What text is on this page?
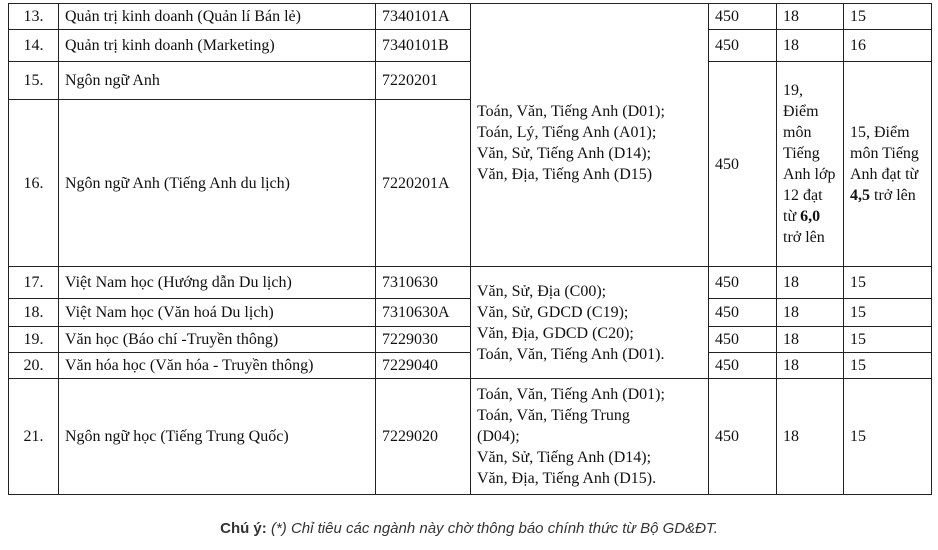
13.	Quản trị kinh doanh (Quản lí Bán lẻ)	7340101A	Toán, Văn, Tiếng Anh (D01);
Toán, Lý, Tiếng Anh (A01);
Văn, Sử, Tiếng Anh (D14);
Văn, Địa, Tiếng Anh (D15)	450	18	15
14.	Quản trị kinh doanh (Marketing)	7340101B		450	18	16
15.	Ngôn ngữ Anh	7220201		450	19, Điểm môn Tiếng Anh lớp 12 đạt từ 6,0 trở lên	15, Điểm môn Tiếng Anh đạt từ 4,5 trở lên
16.	Ngôn ngữ Anh (Tiếng Anh du lịch)	7220201A				
17.	Việt Nam học (Hướng dẫn Du lịch)	7310630	Văn, Sử, Địa (C00);
Văn, Sử, GDCD (C19);
Văn, Địa, GDCD (C20);
Toán, Văn, Tiếng Anh (D01).	450	18	15
18.	Việt Nam học (Văn hoá Du lịch)	7310630A		450	18	15
19.	Văn học (Báo chí -Truyền thông)	7229030		450	18	15
20.	Văn hóa học (Văn hóa - Truyền thông)	7229040		450	18	15
21.	Ngôn ngữ học (Tiếng Trung Quốc)	7229020	Toán, Văn, Tiếng Anh (D01);
Toán, Văn, Tiếng Trung
(D04);
Văn, Sử, Tiếng Anh (D14);
Văn, Địa, Tiếng Anh (D15).	450	18	15
Chú ý: (*) Chỉ tiêu các ngành này chờ thông báo chính thức từ Bộ GD&ĐT.
